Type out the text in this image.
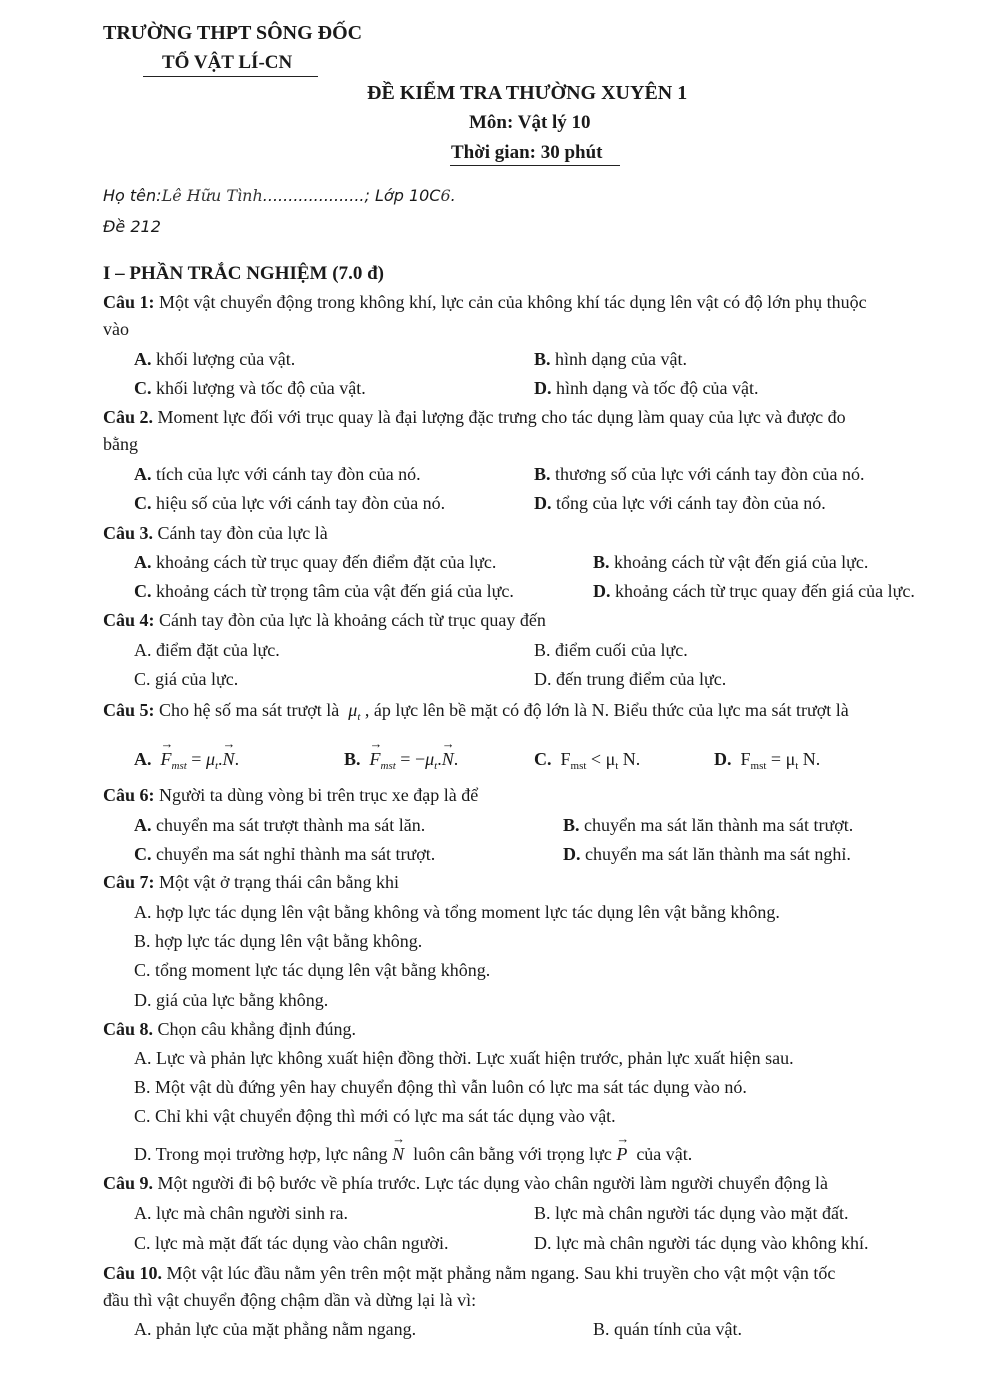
TRƯỜNG THPT SÔNG ĐỐC
TỔ VẬT LÍ-CN
ĐỀ KIỂM TRA THƯỜNG XUYÊN 1
Môn: Vật lý 10
Thời gian: 30 phút
Họ tên:Lê Hữu Tình....................; Lớp 10C6.
Đề 212
I – PHẦN TRẮC NGHIỆM (7.0 đ)
Câu 1: Một vật chuyển động trong không khí, lực cản của không khí tác dụng lên vật có độ lớn phụ thuộc
vào
A. khối lượng của vật.	B. hình dạng của vật.
C. khối lượng và tốc độ của vật.	D. hình dạng và tốc độ của vật.
Câu 2. Moment lực đối với trục quay là đại lượng đặc trưng cho tác dụng làm quay của lực và được đo
bằng
A. tích của lực với cánh tay đòn của nó.	B. thương số của lực với cánh tay đòn của nó.
C. hiệu số của lực với cánh tay đòn của nó.	D. tổng của lực với cánh tay đòn của nó.
Câu 3. Cánh tay đòn của lực là
A. khoảng cách từ trục quay đến điểm đặt của lực.	B. khoảng cách từ vật đến giá của lực.
C. khoảng cách từ trọng tâm của vật đến giá của lực.	D. khoảng cách từ trục quay đến giá của lực.
Câu 4: Cánh tay đòn của lực là khoảng cách từ trục quay đến
A. điểm đặt của lực.	B. điểm cuối của lực.
C. giá của lực.	D. đến trung điểm của lực.
Câu 5: Cho hệ số ma sát trượt là $\mu_t$ , áp lực lên bề mặt có độ lớn là N. Biểu thức của lực ma sát trượt là
A. → $F_{mst} = \mu_t.\to N$.	B. → $F_{mst} = -\mu_t.\to N$.	C. $F_{mst} < \mu_t$ N.	D. $F_{mst} = \mu_t$ N.
Câu 6: Người ta dùng vòng bi trên trục xe đạp là để
A. chuyển ma sát trượt thành ma sát lăn.	B. chuyển ma sát lăn thành ma sát trượt.
C. chuyển ma sát nghỉ thành ma sát trượt.	D. chuyển ma sát lăn thành ma sát nghỉ.
Câu 7: Một vật ở trạng thái cân bằng khi
A. hợp lực tác dụng lên vật bằng không và tổng moment lực tác dụng lên vật bằng không.
B. hợp lực tác dụng lên vật bằng không.
C. tổng moment lực tác dụng lên vật bằng không.
D. giá của lực bằng không.
Câu 8. Chọn câu khẳng định đúng.
A. Lực và phản lực không xuất hiện đồng thời. Lực xuất hiện trước, phản lực xuất hiện sau.
B. Một vật dù đứng yên hay chuyển động thì vẫn luôn có lực ma sát tác dụng vào nó.
C. Chỉ khi vật chuyển động thì mới có lực ma sát tác dụng vào vật.
D. Trong mọi trường hợp, lực nâng → N luôn cân bằng với trọng lực → P của vật.
Câu 9. Một người đi bộ bước về phía trước. Lực tác dụng vào chân người làm người chuyển động là
A. lực mà chân người sinh ra.	B. lực mà chân người tác dụng vào mặt đất.
C. lực mà mặt đất tác dụng vào chân người.	D. lực mà chân người tác dụng vào không khí.
Câu 10. Một vật lúc đầu nằm yên trên một mặt phẳng nằm ngang. Sau khi truyền cho vật một vận tốc
đầu thì vật chuyển động chậm dần và dừng lại là vì:
A. phản lực của mặt phẳng nằm ngang.	B. quán tính của vật.
